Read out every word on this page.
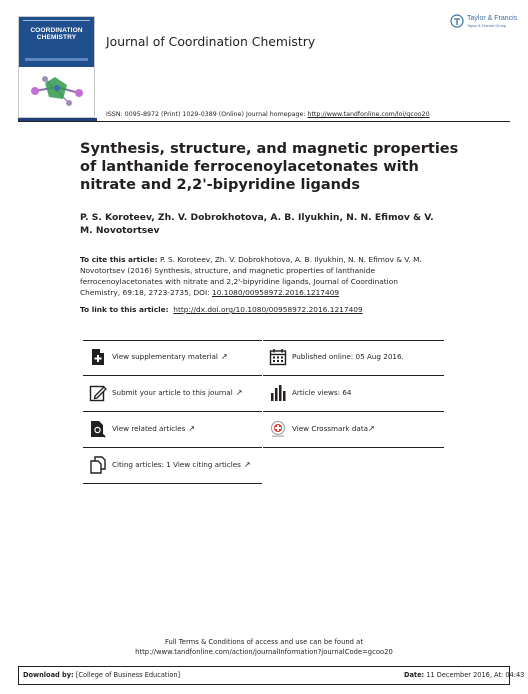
COORDINATION
CHEMISTRY	Journal of Coordination Chemistry
Taylor & Francis
Taylor & Francis Group
ISSN: 0095-8972 (Print) 1029-0389 (Online) Journal homepage: http://www.tandfonline.com/loi/gcoo20
Synthesis, structure, and magnetic properties of lanthanide ferrocenoylacetonates with nitrate and 2,2'-bipyridine ligands
P. S. Koroteev, Zh. V. Dobrokhotova, A. B. Ilyukhin, N. N. Efimov & V. M. Novotortsev
To cite this article: P. S. Koroteev, Zh. V. Dobrokhotova, A. B. Ilyukhin, N. N. Efimov & V. M. Novotortsev (2016) Synthesis, structure, and magnetic properties of lanthanide ferrocenoylacetonates with nitrate and 2,2'-bipyridine ligands, Journal of Coordination Chemistry, 69:18, 2723-2735, DOI: 10.1080/00958972.2016.1217409
To link to this article: http://dx.doi.org/10.1080/00958972.2016.1217409
View supplementary material ↗	Published online: 05 Aug 2016.
Submit your article to this journal ↗	Article views: 64
View related articles ↗	View Crossmark data↗
Citing articles: 1 View citing articles ↗
Full Terms & Conditions of access and use can be found at
http://www.tandfonline.com/action/journalInformation?journalCode=gcoo20
Download by: [College of Business Education]	Date: 11 December 2016, At: 04:43
